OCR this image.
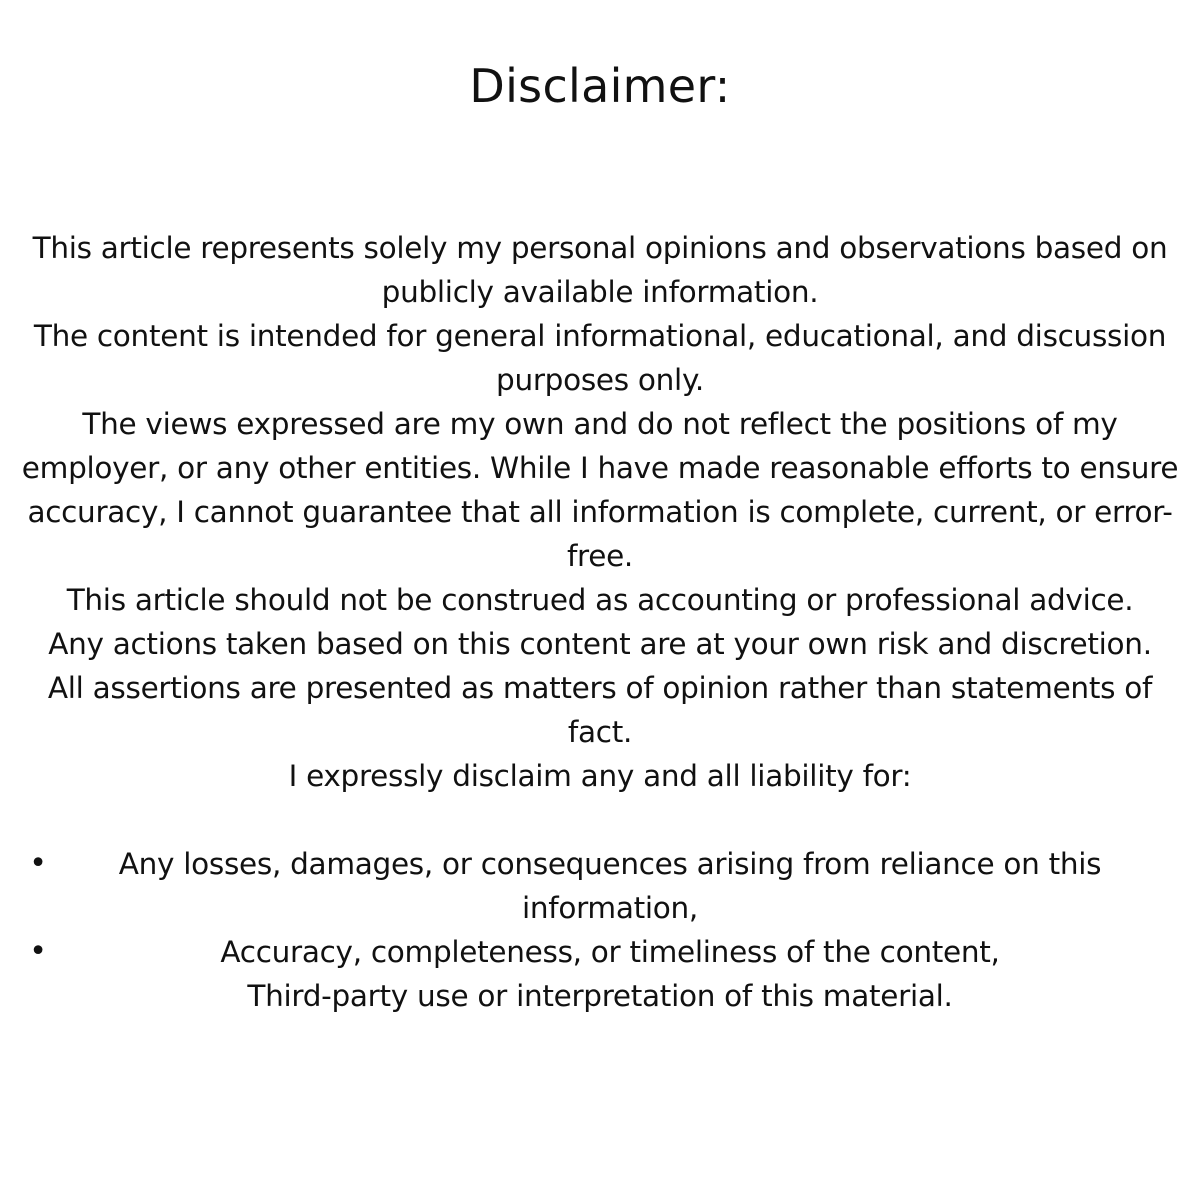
Disclaimer:

This article represents solely my personal opinions and observations based on publicly available information.

The content is intended for general informational, educational, and discussion purposes only.

The views expressed are my own and do not reflect the positions of my employer, or any other entities. While I have made reasonable efforts to ensure accuracy, I cannot guarantee that all information is complete, current, or error-free.

This article should not be construed as accounting or professional advice.

Any actions taken based on this content are at your own risk and discretion.

All assertions are presented as matters of opinion rather than statements of fact.

I expressly disclaim any and all liability for:

•	Any losses, damages, or consequences arising from reliance on this information,
•	Accuracy, completeness, or timeliness of the content,

Third-party use or interpretation of this material.
